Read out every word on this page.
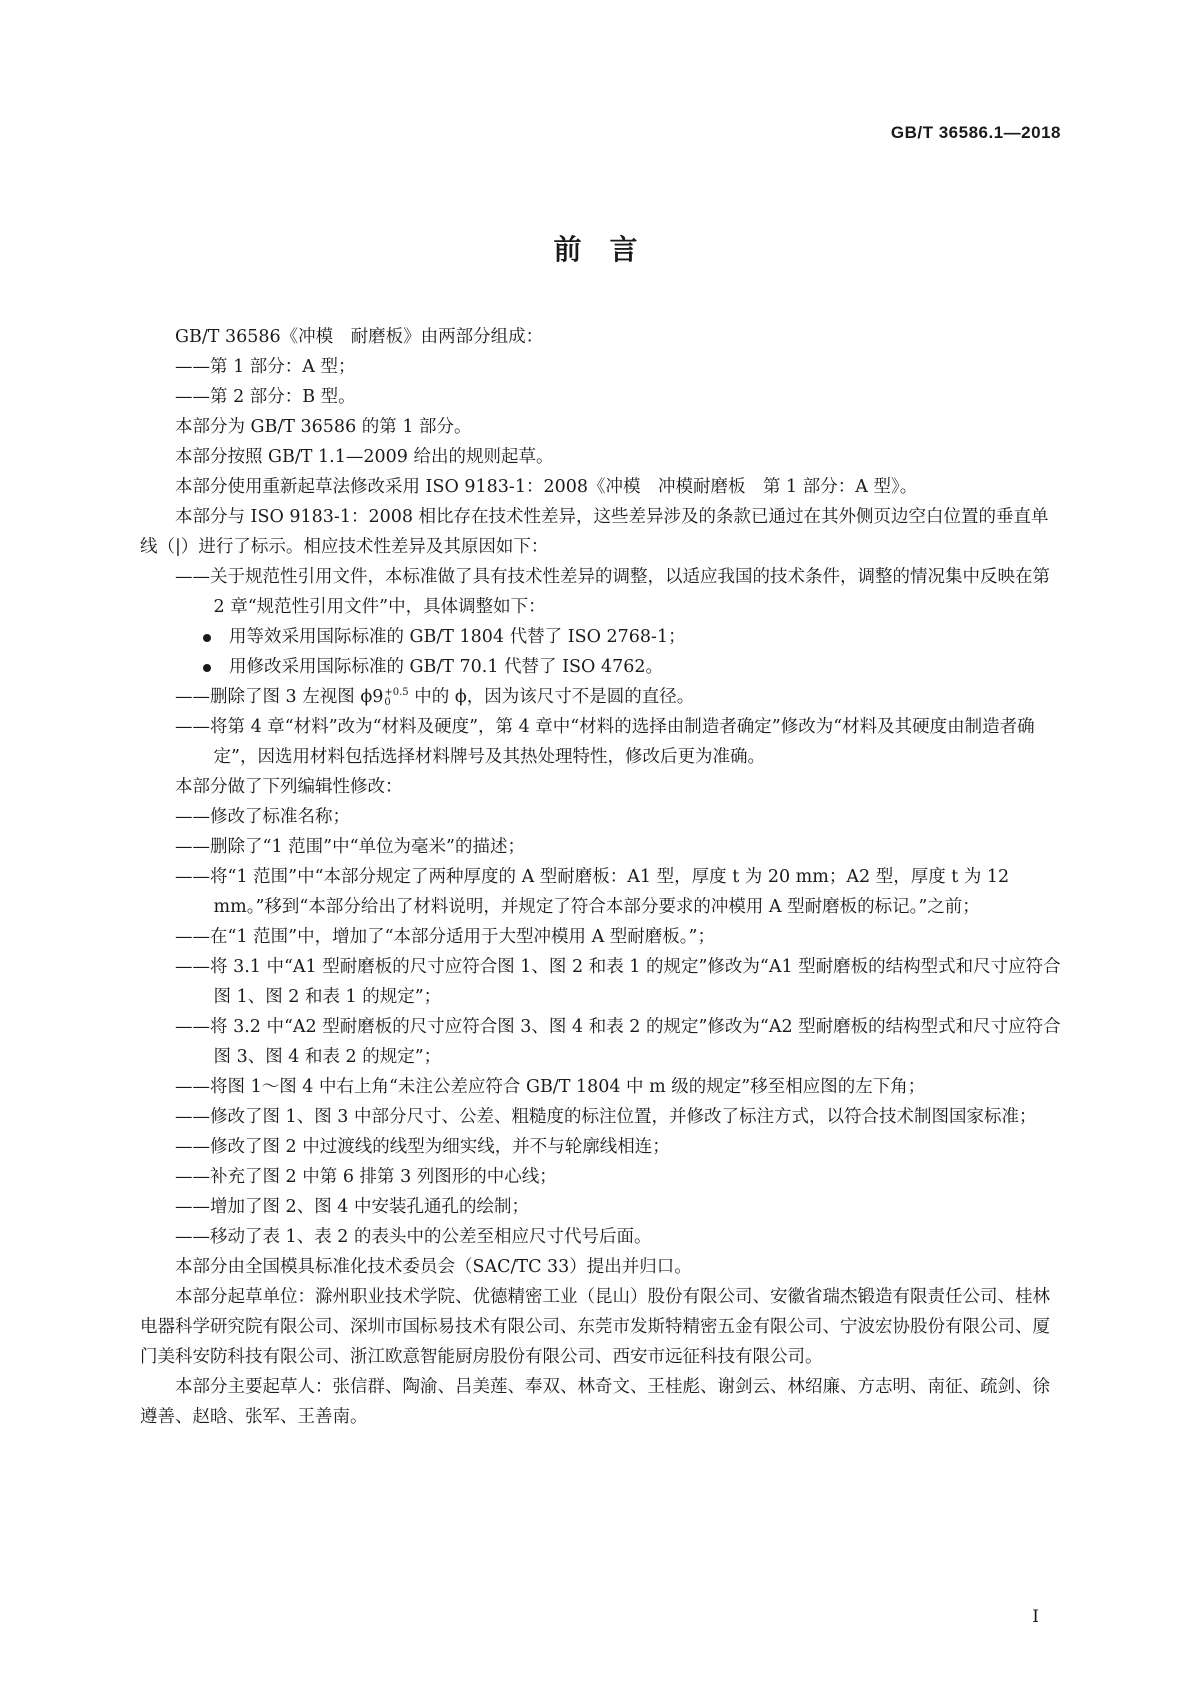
GB/T 36586.1—2018
前言

GB/T 36586《冲模　耐磨板》由两部分组成：

——第 1 部分：A 型；

——第 2 部分：B 型。

本部分为 GB/T 36586 的第 1 部分。

本部分按照 GB/T 1.1—2009 给出的规则起草。

本部分使用重新起草法修改采用 ISO 9183-1：2008《冲模　冲模耐磨板　第 1 部分：A 型》。

本部分与 ISO 9183-1：2008 相比存在技术性差异，这些差异涉及的条款已通过在其外侧页边空白位置的垂直单线（|）进行了标示。相应技术性差异及其原因如下：

——关于规范性引用文件，本标准做了具有技术性差异的调整，以适应我国的技术条件，调整的情况集中反映在第 2 章“规范性引用文件”中，具体调整如下：

用等效采用国际标准的 GB/T 1804 代替了 ISO 2768-1；

用修改采用国际标准的 GB/T 70.1 代替了 ISO 4762。

——删除了图 3 左视图 ϕ9 +0.5
0	中的 ϕ，因为该尺寸不是圆的直径。

——将第 4 章“材料”改为“材料及硬度”，第 4 章中“材料的选择由制造者确定”修改为“材料及其硬度由制造者确定”，因选用材料包括选择材料牌号及其热处理特性，修改后更为准确。

本部分做了下列编辑性修改：

——修改了标准名称；

——删除了“1 范围”中“单位为毫米”的描述；

——将“1 范围”中“本部分规定了两种厚度的 A 型耐磨板：A1 型，厚度 t 为 20 mm；A2 型，厚度 t 为 12 mm。”移到“本部分给出了材料说明，并规定了符合本部分要求的冲模用 A 型耐磨板的标记。”之前；

——在“1 范围”中，增加了“本部分适用于大型冲模用 A 型耐磨板。”；

——将 3.1 中“A1 型耐磨板的尺寸应符合图 1、图 2 和表 1 的规定”修改为“A1 型耐磨板的结构型式和尺寸应符合图 1、图 2 和表 1 的规定”；

——将 3.2 中“A2 型耐磨板的尺寸应符合图 3、图 4 和表 2 的规定”修改为“A2 型耐磨板的结构型式和尺寸应符合图 3、图 4 和表 2 的规定”；

——将图 1～图 4 中右上角“未注公差应符合 GB/T 1804 中 m 级的规定”移至相应图的左下角；

——修改了图 1、图 3 中部分尺寸、公差、粗糙度的标注位置，并修改了标注方式，以符合技术制图国家标准；

——修改了图 2 中过渡线的线型为细实线，并不与轮廓线相连；

——补充了图 2 中第 6 排第 3 列图形的中心线；

——增加了图 2、图 4 中安装孔通孔的绘制；

——移动了表 1、表 2 的表头中的公差至相应尺寸代号后面。

本部分由全国模具标准化技术委员会（SAC/TC 33）提出并归口。

本部分起草单位：滁州职业技术学院、优德精密工业（昆山）股份有限公司、安徽省瑞杰锻造有限责任公司、桂林电器科学研究院有限公司、深圳市国标易技术有限公司、东莞市发斯特精密五金有限公司、宁波宏协股份有限公司、厦门美科安防科技有限公司、浙江欧意智能厨房股份有限公司、西安市远征科技有限公司。

本部分主要起草人：张信群、陶渝、吕美莲、奉双、林奇文、王桂彪、谢剑云、林绍廉、方志明、南征、疏剑、徐遵善、赵晗、张军、王善南。

I
